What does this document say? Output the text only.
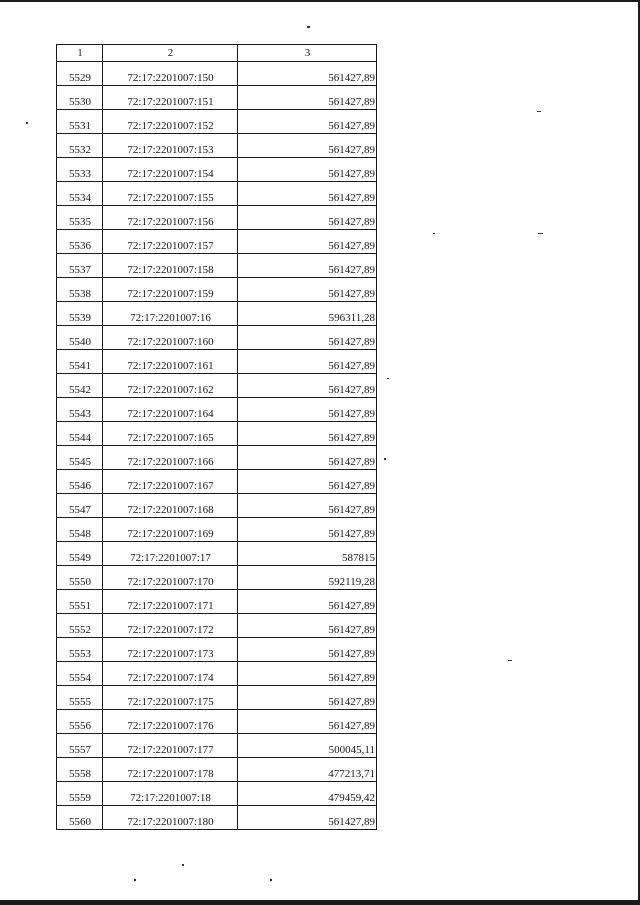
1	2	3
5529	72:17:2201007:150	561427,89
5530	72:17:2201007:151	561427,89
5531	72:17:2201007:152	561427,89
5532	72:17:2201007:153	561427,89
5533	72:17:2201007:154	561427,89
5534	72:17:2201007:155	561427,89
5535	72:17:2201007:156	561427,89
5536	72:17:2201007:157	561427,89
5537	72:17:2201007:158	561427,89
5538	72:17:2201007:159	561427,89
5539	72:17:2201007:16	596311,28
5540	72:17:2201007:160	561427,89
5541	72:17:2201007:161	561427,89
5542	72:17:2201007:162	561427,89
5543	72:17:2201007:164	561427,89
5544	72:17:2201007:165	561427,89
5545	72:17:2201007:166	561427,89
5546	72:17:2201007:167	561427,89
5547	72:17:2201007:168	561427,89
5548	72:17:2201007:169	561427,89
5549	72:17:2201007:17	587815
5550	72:17:2201007:170	592119,28
5551	72:17:2201007:171	561427,89
5552	72:17:2201007:172	561427,89
5553	72:17:2201007:173	561427,89
5554	72:17:2201007:174	561427,89
5555	72:17:2201007:175	561427,89
5556	72:17:2201007:176	561427,89
5557	72:17:2201007:177	500045,11
5558	72:17:2201007:178	477213,71
5559	72:17:2201007:18	479459,42
5560	72:17:2201007:180	561427,89
